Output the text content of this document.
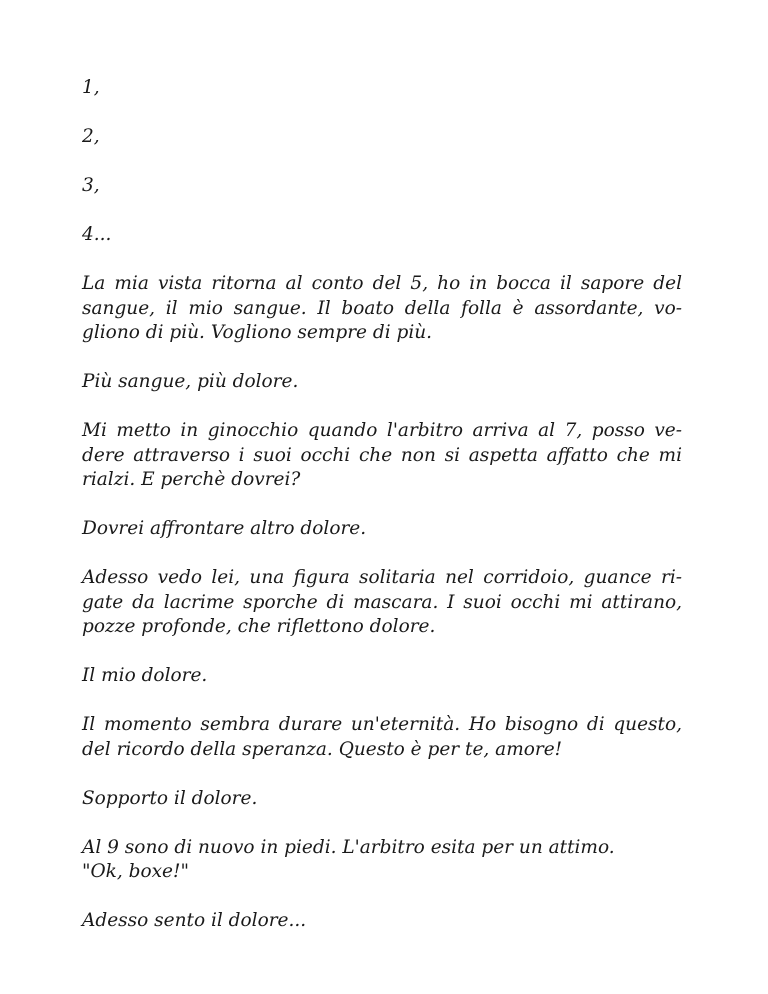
1,

2,

3,

4...

La mia vista ritorna al conto del 5, ho in bocca il sapore del
sangue, il mio sangue. Il boato della folla è assordante, vo-
gliono di più. Vogliono sempre di più.

Più sangue, più dolore.

Mi metto in ginocchio quando l'arbitro arriva al 7, posso ve-
dere attraverso i suoi occhi che non si aspetta affatto che mi
rialzi. E perchè dovrei?

Dovrei affrontare altro dolore.

Adesso vedo lei, una figura solitaria nel corridoio, guance ri-
gate da lacrime sporche di mascara. I suoi occhi mi attirano,
pozze profonde, che riflettono dolore.

Il mio dolore.

Il momento sembra durare un'eternità. Ho bisogno di questo,
del ricordo della speranza. Questo è per te, amore!

Sopporto il dolore.

Al 9 sono di nuovo in piedi. L'arbitro esita per un attimo.
"Ok, boxe!"

Adesso sento il dolore...
